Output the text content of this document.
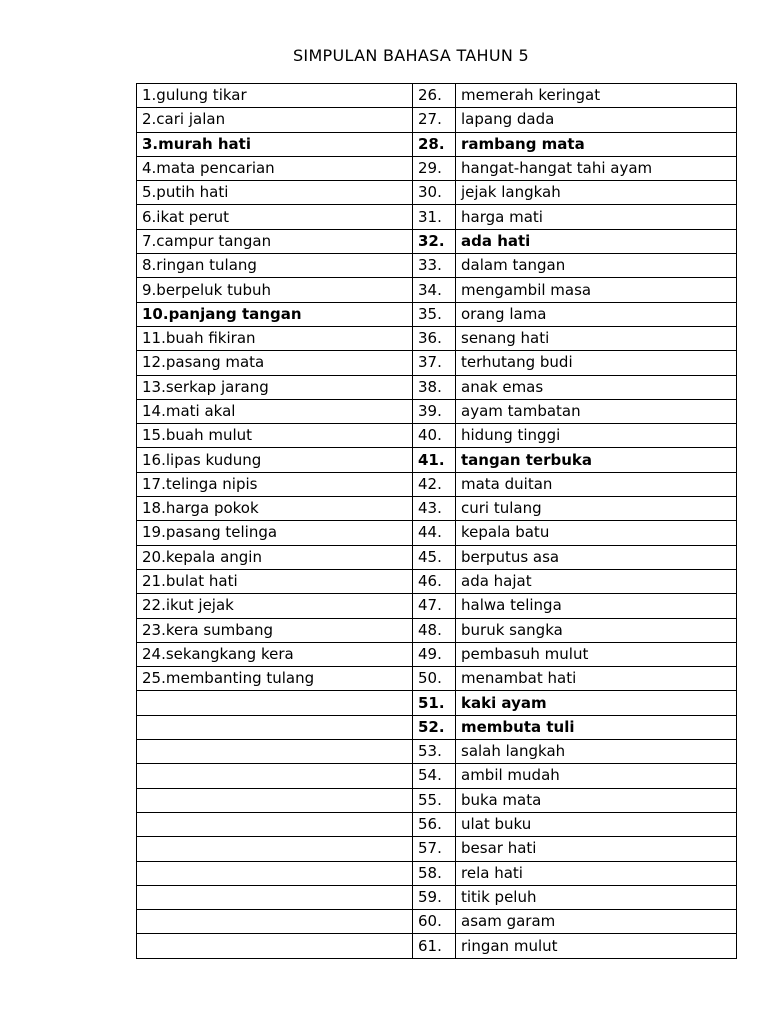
SIMPULAN BAHASA TAHUN 5
1.gulung tikar	26.	memerah keringat
2.cari jalan	27.	lapang dada
3.murah hati	28.	rambang mata
4.mata pencarian	29.	hangat-hangat tahi ayam
5.putih hati	30.	jejak langkah
6.ikat perut	31.	harga mati
7.campur tangan	32.	ada hati
8.ringan tulang	33.	dalam tangan
9.berpeluk tubuh	34.	mengambil masa
10.panjang tangan	35.	orang lama
11.buah fikiran	36.	senang hati
12.pasang mata	37.	terhutang budi
13.serkap jarang	38.	anak emas
14.mati akal	39.	ayam tambatan
15.buah mulut	40.	hidung tinggi
16.lipas kudung	41.	tangan terbuka
17.telinga nipis	42.	mata duitan
18.harga pokok	43.	curi tulang
19.pasang telinga	44.	kepala batu
20.kepala angin	45.	berputus asa
21.bulat hati	46.	ada hajat
22.ikut jejak	47.	halwa telinga
23.kera sumbang	48.	buruk sangka
24.sekangkang kera	49.	pembasuh mulut
25.membanting tulang	50.	menambat hati
	51.	kaki ayam
	52.	membuta tuli
	53.	salah langkah
	54.	ambil mudah
	55.	buka mata
	56.	ulat buku
	57.	besar hati
	58.	rela hati
	59.	titik peluh
	60.	asam garam
	61.	ringan mulut
